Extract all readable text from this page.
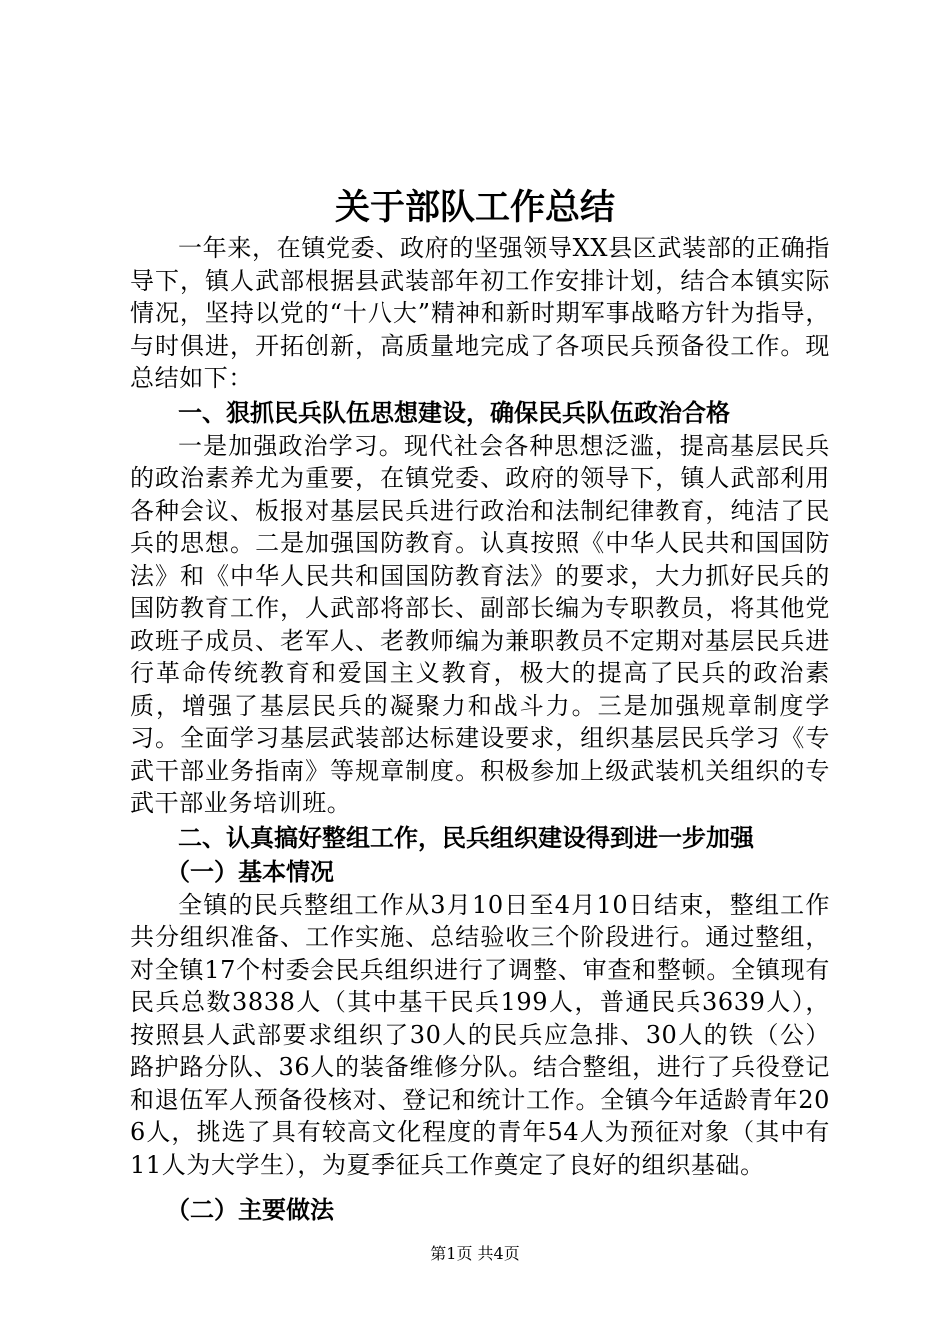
关于部队工作总结

一年来，在镇党委、政府的坚强领导XX县区武装部的正确指导下，镇人武部根据县武装部年初工作安排计划，结合本镇实际情况，坚持以党的“十八大”精神和新时期军事战略方针为指导，与时俱进，开拓创新，高质量地完成了各项民兵预备役工作。现总结如下：

一、狠抓民兵队伍思想建设，确保民兵队伍政治合格

一是加强政治学习。现代社会各种思想泛滥，提高基层民兵的政治素养尤为重要，在镇党委、政府的领导下，镇人武部利用各种会议、板报对基层民兵进行政治和法制纪律教育，纯洁了民兵的思想。二是加强国防教育。认真按照《中华人民共和国国防法》和《中华人民共和国国防教育法》的要求，大力抓好民兵的国防教育工作，人武部将部长、副部长编为专职教员，将其他党政班子成员、老军人、老教师编为兼职教员不定期对基层民兵进行革命传统教育和爱国主义教育，极大的提高了民兵的政治素质，增强了基层民兵的凝聚力和战斗力。三是加强规章制度学习。全面学习基层武装部达标建设要求，组织基层民兵学习《专武干部业务指南》等规章制度。积极参加上级武装机关组织的专武干部业务培训班。

二、认真搞好整组工作，民兵组织建设得到进一步加强

（一）基本情况

全镇的民兵整组工作从3月10日至4月10日结束，整组工作共分组织准备、工作实施、总结验收三个阶段进行。通过整组，对全镇17个村委会民兵组织进行了调整、审查和整顿。全镇现有民兵总数3838人（其中基干民兵199人，普通民兵3639人），按照县人武部要求组织了30人的民兵应急排、30人的铁（公）路护路分队、36人的装备维修分队。结合整组，进行了兵役登记和退伍军人预备役核对、登记和统计工作。全镇今年适龄青年206人，挑选了具有较高文化程度的青年54人为预征对象（其中有11人为大学生），为夏季征兵工作奠定了良好的组织基础。

（二）主要做法

第1页 共4页
